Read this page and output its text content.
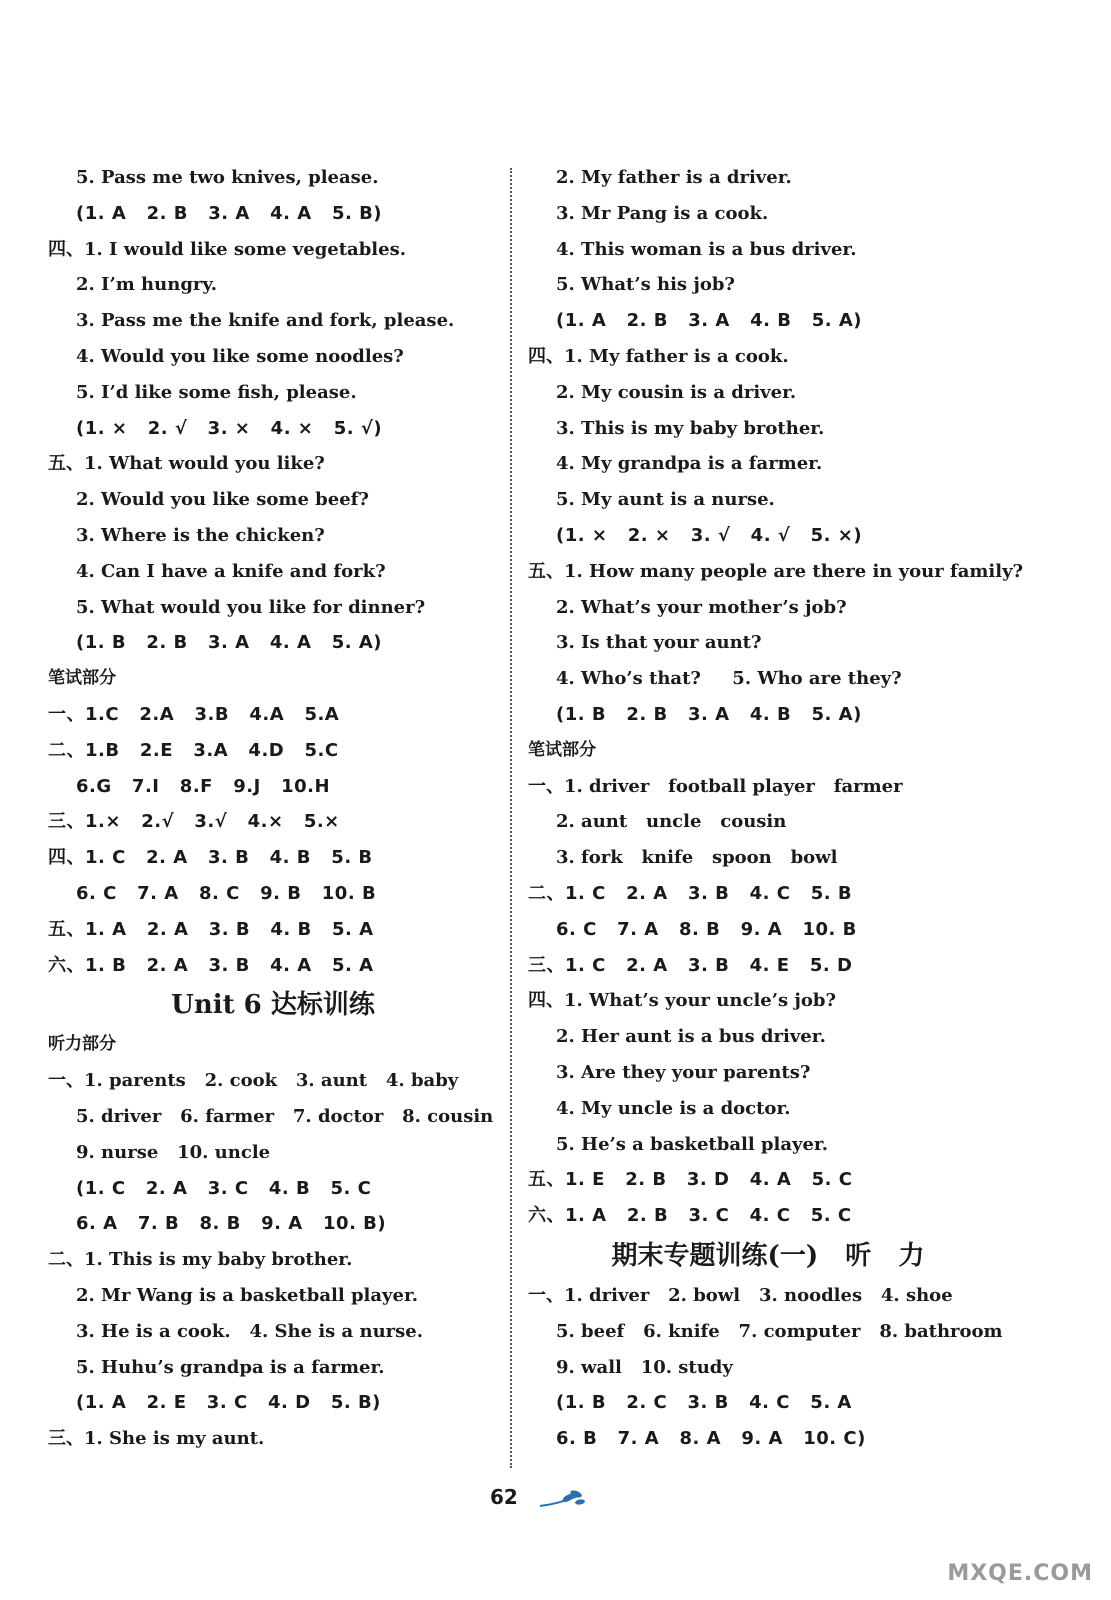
5. Pass me two knives, please.
(1. A   2. B   3. A   4. A   5. B)
四、1. I would like some vegetables.
2. I’m hungry.
3. Pass me the knife and fork, please.
4. Would you like some noodles?
5. I’d like some fish, please.
(1. ×   2. √   3. ×   4. ×   5. √)
五、1. What would you like?
2. Would you like some beef?
3. Where is the chicken?
4. Can I have a knife and fork?
5. What would you like for dinner?
(1. B   2. B   3. A   4. A   5. A)
笔试部分
一、1.C   2.A   3.B   4.A   5.A
二、1.B   2.E   3.A   4.D   5.C
6.G   7.I   8.F   9.J   10.H
三、1.×   2.√   3.√   4.×   5.×
四、1. C   2. A   3. B   4. B   5. B
6. C   7. A   8. C   9. B   10. B
五、1. A   2. A   3. B   4. B   5. A
六、1. B   2. A   3. B   4. A   5. A
Unit 6 达标训练
听力部分
一、1. parents   2. cook   3. aunt   4. baby
5. driver   6. farmer   7. doctor   8. cousin
9. nurse   10. uncle
(1. C   2. A   3. C   4. B   5. C
6. A   7. B   8. B   9. A   10. B)
二、1. This is my baby brother.
2. Mr Wang is a basketball player.
3. He is a cook.   4. She is a nurse.
5. Huhu’s grandpa is a farmer.
(1. A   2. E   3. C   4. D   5. B)
三、1. She is my aunt.
2. My father is a driver.
3. Mr Pang is a cook.
4. This woman is a bus driver.
5. What’s his job?
(1. A   2. B   3. A   4. B   5. A)
四、1. My father is a cook.
2. My cousin is a driver.
3. This is my baby brother.
4. My grandpa is a farmer.
5. My aunt is a nurse.
(1. ×   2. ×   3. √   4. √   5. ×)
五、1. How many people are there in your family?
2. What’s your mother’s job?
3. Is that your aunt?
4. Who’s that?     5. Who are they?
(1. B   2. B   3. A   4. B   5. A)
笔试部分
一、1. driver   football player   farmer
2. aunt   uncle   cousin
3. fork   knife   spoon   bowl
二、1. C   2. A   3. B   4. C   5. B
6. C   7. A   8. B   9. A   10. B
三、1. C   2. A   3. B   4. E   5. D
四、1. What’s your uncle’s job?
2. Her aunt is a bus driver.
3. Are they your parents?
4. My uncle is a doctor.
5. He’s a basketball player.
五、1. E   2. B   3. D   4. A   5. C
六、1. A   2. B   3. C   4. C   5. C
期末专题训练(一)   听   力
一、1. driver   2. bowl   3. noodles   4. shoe
5. beef   6. knife   7. computer   8. bathroom
9. wall   10. study
(1. B   2. C   3. B   4. C   5. A
6. B   7. A   8. A   9. A   10. C)
62
MXQE.COM
